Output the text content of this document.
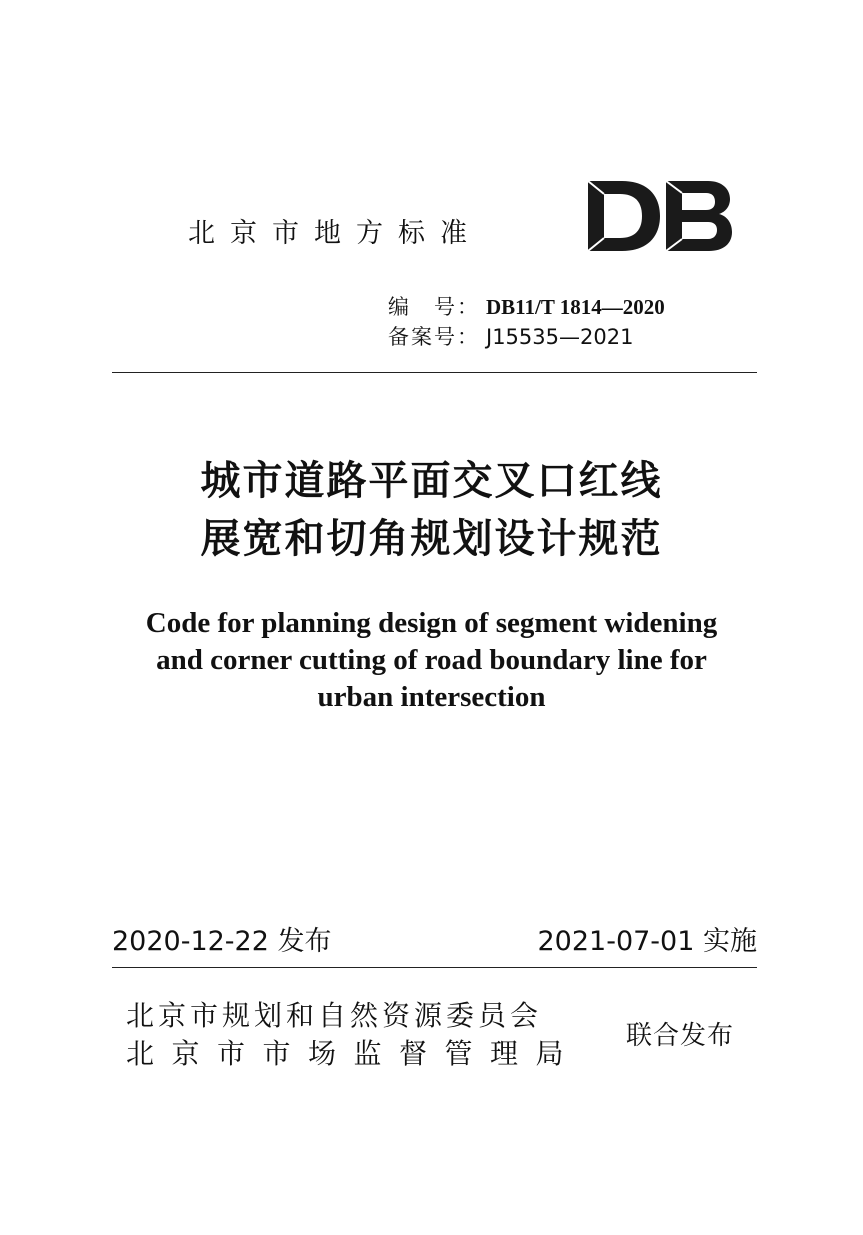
北京市地方标准
编　号： DB11/T 1814—2020
备案号： J15535—2021
城市道路平面交叉口红线
展宽和切角规划设计规范
Code for planning design of segment widening
and corner cutting of road boundary line for
urban intersection
2020-12-22 发布	2021-07-01 实施
北京市规划和自然资源委员会
北京市市场监督管理局
联合发布
